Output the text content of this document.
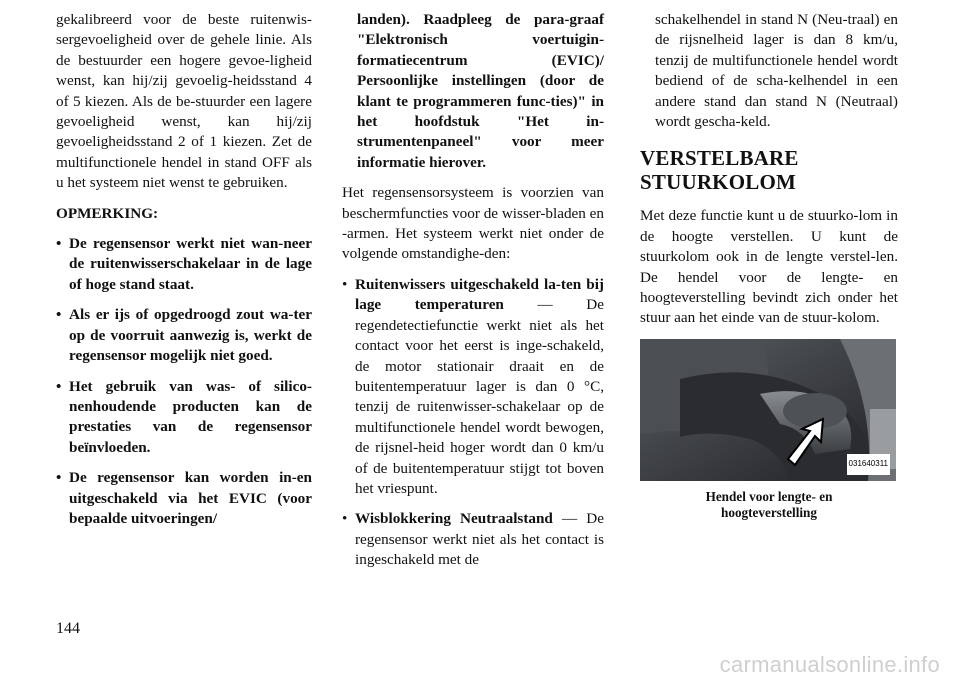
gekalibreerd voor de beste ruitenwis-sergevoeligheid over de gehele linie. Als de bestuurder een hogere gevoe-ligheid wenst, kan hij/zij gevoelig-heidsstand 4 of 5 kiezen. Als de be-stuurder een lagere gevoeligheid wenst, kan hij/zij gevoeligheidsstand 2 of 1 kiezen. Zet de multifunctionele hendel in stand OFF als u het systeem niet wenst te gebruiken.

OPMERKING:
• De regensensor werkt niet wan-neer de ruitenwisserschakelaar in de lage of hoge stand staat.
• Als er ijs of opgedroogd zout wa-ter op de voorruit aanwezig is, werkt de regensensor mogelijk niet goed.
• Het gebruik van was- of silico-nenhoudende producten kan de prestaties van de regensensor beïnvloeden.
• De regensensor kan worden in-en uitgeschakeld via het EVIC (voor bepaalde uitvoeringen/

landen). Raadpleeg de para-graaf "Elektronisch voertuigin-formatiecentrum (EVIC)/ Persoonlijke instellingen (door de klant te programmeren func-ties)" in het hoofdstuk "Het in-strumentenpaneel" voor meer informatie hierover.

Het regensensorsysteem is voorzien van beschermfuncties voor de wisser-bladen en -armen. Het systeem werkt niet onder de volgende omstandighe-den:

• Ruitenwissers uitgeschakeld la-ten bij lage temperaturen — De regendetectiefunctie werkt niet als het contact voor het eerst is inge-schakeld, de motor stationair draait en de buitentemperatuur lager is dan 0 °C, tenzij de ruitenwisser-schakelaar op de multifunctionele hendel wordt bewogen, de rijsnel-heid hoger wordt dan 0 km/u of de buitentemperatuur stijgt tot boven het vriespunt.
• Wisblokkering Neutraalstand — De regensensor werkt niet als het contact is ingeschakeld met de

schakelhendel in stand N (Neu-traal) en de rijsnelheid lager is dan 8 km/u, tenzij de multifunctionele hendel wordt bediend of de scha-kelhendel in een andere stand dan stand N (Neutraal) wordt gescha-keld.

VERSTELBARE
STUURKOLOM

Met deze functie kunt u de stuurko-lom in de hoogte verstellen. U kunt de stuurkolom ook in de lengte verstel-len. De hendel voor de lengte- en hoogteverstelling bevindt zich onder het stuur aan het einde van de stuur-kolom.

031640311
Hendel voor lengte- en
hoogteverstelling
144
carmanualsonline.info
